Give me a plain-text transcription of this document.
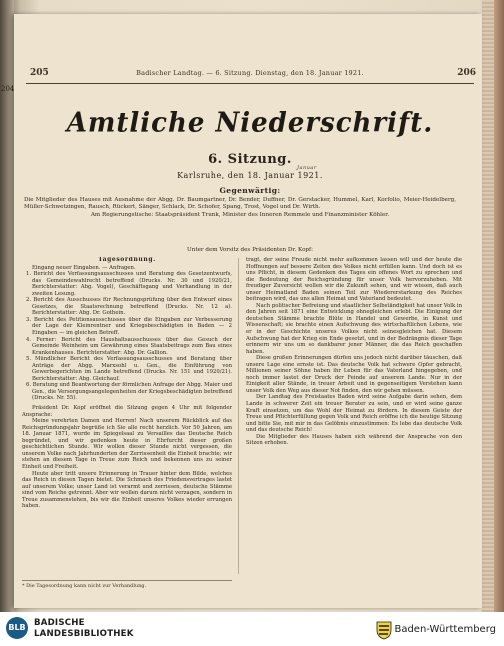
204
205	Badischer Landtag. — 6. Sitzung. Dienstag, den 18. Januar 1921.	206
Amtliche Niederschrift.
6. Sitzung.
Karlsruhe, den 18. Januar 1921.
Januar
Gegenwärtig:
Die Mitglieder des Hauses mit Ausnahme der Abgg. Dr. Baumgartner, Dr. Bender, Duffner, Dr. Gerstacker, Hummel, Karl, Korfolio, Meier-Heidelberg, Müller-Schwetzingen, Rausch, Rückert, Sänger, Schlack, Dr. Schofer, Spang, Trost, Vogel und Dr. Wirth.
Am Regierungstische: Staatspräsident Trunk, Minister des Inneren Remmele und Finanzminister Köhler.
Unter dem Vorsitz des Präsidenten Dr. Kopf:

Tagesordnung.

Eingang neuer Eingaben. — Anfragen.

1. Bericht des Verfassungsausschusses und Beratung des Gesetzentwurfs, das Gemeindewahlrecht betreffend (Drucks. Nr. 30 und 1920/21, Berichterstatter: Abg. Vogel), Geschäftsgang und Verhandlung in der zweiten Lesung.

2. Bericht des Ausschusses für Rechnungsprüfung über den Entwurf eines Gesetzes, die Staatsrechnung betreffend (Drucks. Nr. 12 a). Berichterstatter: Abg. Dr. Gothein.

3. Bericht des Petitionsausschusses über die Eingaben zur Verbesserung der Lage der Kleinrentner und Kriegsbeschädigten in Baden — 2 Eingaben — im gleichen Betreff.

4. Ferner: Bericht des Haushaltsausschusses über das Gesuch der Gemeinde Weinheim um Gewährung eines Staatsbeitrags zum Bau eines Krankenhauses. Berichterstatter: Abg. Dr. Gallion.

5. Mündlicher Bericht des Verfassungsausschusses und Beratung über Anträge der Abgg. Marxsohl u. Gen., die Einführung von Gewerbegerichten im Lande betreffend (Drucks. Nr. 151 und 1920/21). Berichterstatter: Abg. Gleichauf.

6. Beratung und Beantwortung der förmlichen Anfrage der Abgg. Maier und Gen., die Versorgungsangelegenheiten der Kriegsbeschädigten betreffend (Drucks. Nr. 55).

Präsident Dr. Kopf eröffnet die Sitzung gegen 4 Uhr mit folgender Ansprache:

Meine verehrten Damen und Herren! Nach unserem Rückblick auf das Reichsgründungsjahr begrüße ich Sie alle recht herzlich. Vor 50 Jahren, am 18. Januar 1871, wurde im Spiegelsaal zu Versailles das Deutsche Reich begründet, und wir gedenken heute in Ehrfurcht dieser großen geschichtlichen Stunde. Wir wollen dieser Stunde nicht vergessen, die unserem Volke nach Jahrhunderten der Zerrissenheit die Einheit brachte; wir stehen an diesem Tage in Treue zum Reich und bekennen uns zu seiner Einheit und Freiheit.

Heute aber tritt unsere Erinnerung in Trauer hinter dem Bilde, welches das Reich in diesen Tagen bietet. Die Schmach des Friedensvertrages lastet auf unserem Volke; unser Land ist verarmt und zerrissen, deutsche Stämme sind vom Reiche getrennt. Aber wir wollen darum nicht verzagen, sondern in Treue zusammenstehen, bis wir die Einheit unseres Volkes wieder errungen haben.

tragt, der seine Freude nicht mehr aufkommen lassen will und der heute die Hoffnungen auf bessere Zeiten des Volkes nicht erfüllen kann. Und doch ist es uns Pflicht, in diesem Gedenken des Tages ein offenes Wort zu sprechen und die Bedeutung der Reichsgründung für unser Volk hervorzuheben. Mit freudiger Zuversicht wollen wir die Zukunft sehen, und wir wissen, daß auch unser Heimatland Baden seinen Teil zur Wiedererstarkung des Reiches beitragen wird, das uns allen Heimat und Vaterland bedeutet.

Nach politischer Befreiung und staatlicher Selbständigkeit hat unser Volk in den Jahren seit 1871 eine Entwicklung ohnegleichen erlebt. Die Einigung der deutschen Stämme brachte Blüte in Handel und Gewerbe, in Kunst und Wissenschaft; sie brachte einen Aufschwung des wirtschaftlichen Lebens, wie er in der Geschichte unseres Volkes nicht seinesgleichen hat. Diesem Aufschwung hat der Krieg ein Ende gesetzt, und in der Bedrängnis dieser Tage erinnern wir uns um so dankbarer jener Männer, die das Reich geschaffen haben.

Diese großen Erinnerungen dürfen uns jedoch nicht darüber täuschen, daß unsere Lage eine ernste ist. Das deutsche Volk hat schwere Opfer gebracht, Millionen seiner Söhne haben ihr Leben für das Vaterland hingegeben, und noch immer lastet der Druck der Feinde auf unserem Lande. Nur in der Einigkeit aller Stände, in treuer Arbeit und in gegenseitigem Verstehen kann unser Volk den Weg aus dieser Not finden, den wir gehen müssen.

Der Landtag des Freistaates Baden wird seine Aufgabe darin sehen, dem Lande in schwerer Zeit ein treuer Berater zu sein, und er wird seine ganze Kraft einsetzen, um das Wohl der Heimat zu fördern. In diesem Geiste der Treue und Pflichterfüllung gegen Volk und Reich eröffne ich die heutige Sitzung und bitte Sie, mit mir in das Gelöbnis einzustimmen: Es lebe das deutsche Volk und das deutsche Reich!

Die Mitglieder des Hauses haben sich während der Ansprache von den Sitzen erhoben.

* Die Tagesordnung kann nicht zur Verhandlung.
BLB BADISCHE
LANDESBIBLIOTHEK	Baden-Württemberg
